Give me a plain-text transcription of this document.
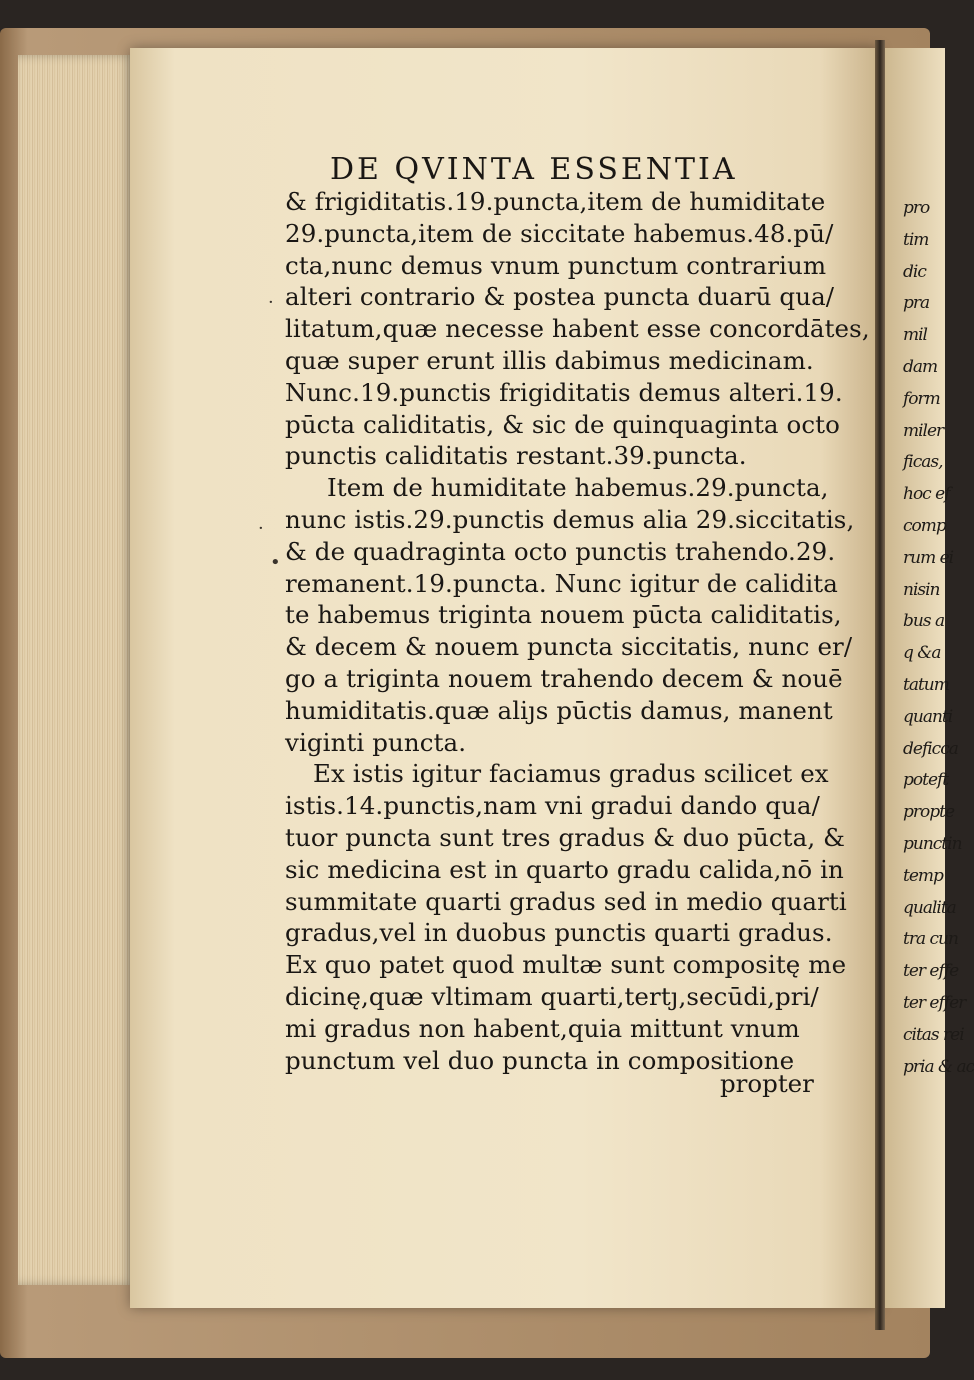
pro
tim
dic
pra
mil
dam
form
miler
ficas,
hoc ef
comp
rum ei
nisin
bus a
q &a
tatum
quanti
deficca
poteft
propte
punctin
temp
qualita
tra cun
ter effe
ter effer
citas rei
pria & ac
DE QVINTA ESSENTIA
& frigiditatis.19.puncta,item de humiditate
29.puncta,item de siccitate habemus.48.pū/
cta,nunc demus vnum punctum contrarium
alteri contrario & postea puncta duarū qua/
litatum,quæ necesse habent esse concordātes,
quæ super erunt illis dabimus medicinam.
Nunc.19.punctis frigiditatis demus alteri.19.
pūcta caliditatis, & sic de quinquaginta octo
punctis caliditatis restant.39.puncta.
Item de humiditate habemus.29.puncta,
nunc istis.29.punctis demus alia 29.siccitatis,
& de quadraginta octo punctis trahendo.29.
remanent.19.puncta. Nunc igitur de calidita
te habemus triginta nouem pūcta caliditatis,
& decem & nouem puncta siccitatis, nunc er/
go a triginta nouem trahendo decem & nouē
humiditatis.quæ aliȷs pūctis damus, manent
viginti puncta.
Ex istis igitur faciamus gradus scilicet ex
istis.14.punctis,nam vni gradui dando qua/
tuor puncta sunt tres gradus & duo pūcta, &
sic medicina est in quarto gradu calida,nō in
summitate quarti gradus sed in medio quarti
gradus,vel in duobus punctis quarti gradus.
Ex quo patet quod multæ sunt compositę me
dicinę,quæ vltimam quarti,tertȷ,secūdi,pri/
mi gradus non habent,quia mittunt vnum
punctum vel duo puncta in compositione
propter
·
·
•
